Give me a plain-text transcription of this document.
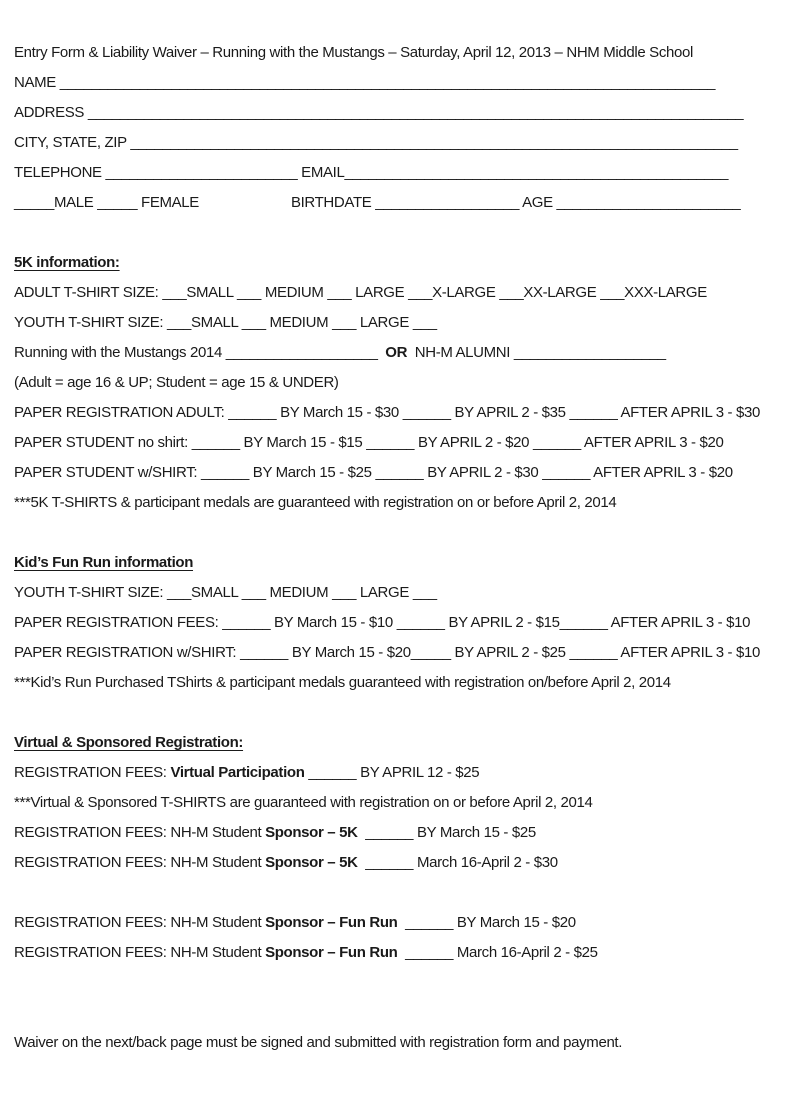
Entry Form & Liability Waiver – Running with the Mustangs – Saturday, April 12, 2013 – NHM Middle School
NAME __________________________________________________________________________________
ADDRESS __________________________________________________________________________________
CITY, STATE, ZIP ____________________________________________________________________________
TELEPHONE ________________________ EMAIL________________________________________________
_____MALE _____ FEMALE	BIRTHDATE __________________ AGE _______________________
5K information:
ADULT T-SHIRT SIZE: ___SMALL ___ MEDIUM ___ LARGE ___X-LARGE ___XX-LARGE ___XXX-LARGE
YOUTH T-SHIRT SIZE: ___SMALL ___ MEDIUM ___ LARGE ___
Running with the Mustangs 2014 ___________________ OR  NH-M ALUMNI ___________________
(Adult = age 16 & UP; Student = age 15 & UNDER)
PAPER REGISTRATION ADULT: ______ BY March 15 - $30 ______ BY APRIL 2 - $35 ______ AFTER APRIL 3 - $30
PAPER STUDENT no shirt: ______ BY March 15 - $15 ______ BY APRIL 2 - $20 ______ AFTER APRIL 3 - $20
PAPER STUDENT w/SHIRT: ______ BY March 15 - $25 ______ BY APRIL 2 - $30 ______ AFTER APRIL 3 - $20
***5K T-SHIRTS & participant medals are guaranteed with registration on or before April 2, 2014
Kid’s Fun Run information
YOUTH T-SHIRT SIZE: ___SMALL ___ MEDIUM ___ LARGE ___
PAPER REGISTRATION FEES: ______ BY March 15 - $10 ______ BY APRIL 2 - $15______ AFTER APRIL 3 - $10
PAPER REGISTRATION w/SHIRT: ______ BY March 15 - $20_____ BY APRIL 2 - $25 ______ AFTER APRIL 3 - $10
***Kid’s Run Purchased TShirts & participant medals guaranteed with registration on/before April 2, 2014
Virtual & Sponsored Registration:
REGISTRATION FEES: Virtual Participation ______ BY APRIL 12 - $25
***Virtual & Sponsored T-SHIRTS are guaranteed with registration on or before April 2, 2014
REGISTRATION FEES: NH-M Student Sponsor – 5K ______ BY March 15 - $25
REGISTRATION FEES: NH-M Student Sponsor – 5K ______ March 16-April 2 - $30
REGISTRATION FEES: NH-M Student Sponsor – Fun Run ______ BY March 15 - $20
REGISTRATION FEES: NH-M Student Sponsor – Fun Run ______ March 16-April 2 - $25
Waiver on the next/back page must be signed and submitted with registration form and payment.
